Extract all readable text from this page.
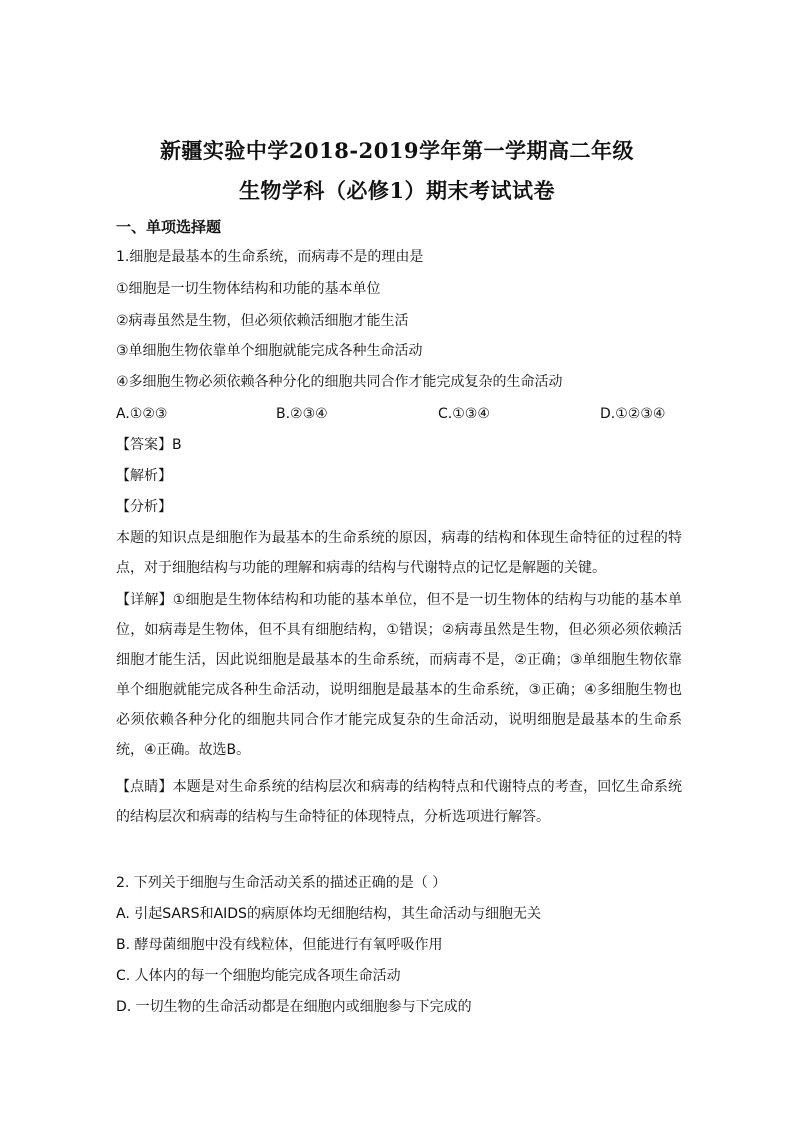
新疆实验中学2018-2019学年第一学期高二年级
生物学科（必修1）期末考试试卷
一、单项选择题
1.细胞是最基本的生命系统，而病毒不是的理由是
①细胞是一切生物体结构和功能的基本单位
②病毒虽然是生物，但必须依赖活细胞才能生活
③单细胞生物依靠单个细胞就能完成各种生命活动
④多细胞生物必须依赖各种分化的细胞共同合作才能完成复杂的生命活动
A.①②③	B.②③④	C.①③④	D.①②③④
【答案】B
【解析】
【分析】
本题的知识点是细胞作为最基本的生命系统的原因，病毒的结构和体现生命特征的过程的特点，对于细胞结构与功能的理解和病毒的结构与代谢特点的记忆是解题的关键。
【详解】①细胞是生物体结构和功能的基本单位，但不是一切生物体的结构与功能的基本单位，如病毒是生物体，但不具有细胞结构，①错误；②病毒虽然是生物，但必须必须依赖活细胞才能生活，因此说细胞是最基本的生命系统，而病毒不是，②正确；③单细胞生物依靠单个细胞就能完成各种生命活动，说明细胞是最基本的生命系统，③正确；④多细胞生物也必须依赖各种分化的细胞共同合作才能完成复杂的生命活动，说明细胞是最基本的生命系统，④正确。故选B。
【点睛】本题是对生命系统的结构层次和病毒的结构特点和代谢特点的考查，回忆生命系统的结构层次和病毒的结构与生命特征的体现特点，分析选项进行解答。
2. 下列关于细胞与生命活动关系的描述正确的是（ ）
A. 引起SARS和AIDS的病原体均无细胞结构，其生命活动与细胞无关
B. 酵母菌细胞中没有线粒体，但能进行有氧呼吸作用
C. 人体内的每一个细胞均能完成各项生命活动
D. 一切生物的生命活动都是在细胞内或细胞参与下完成的
